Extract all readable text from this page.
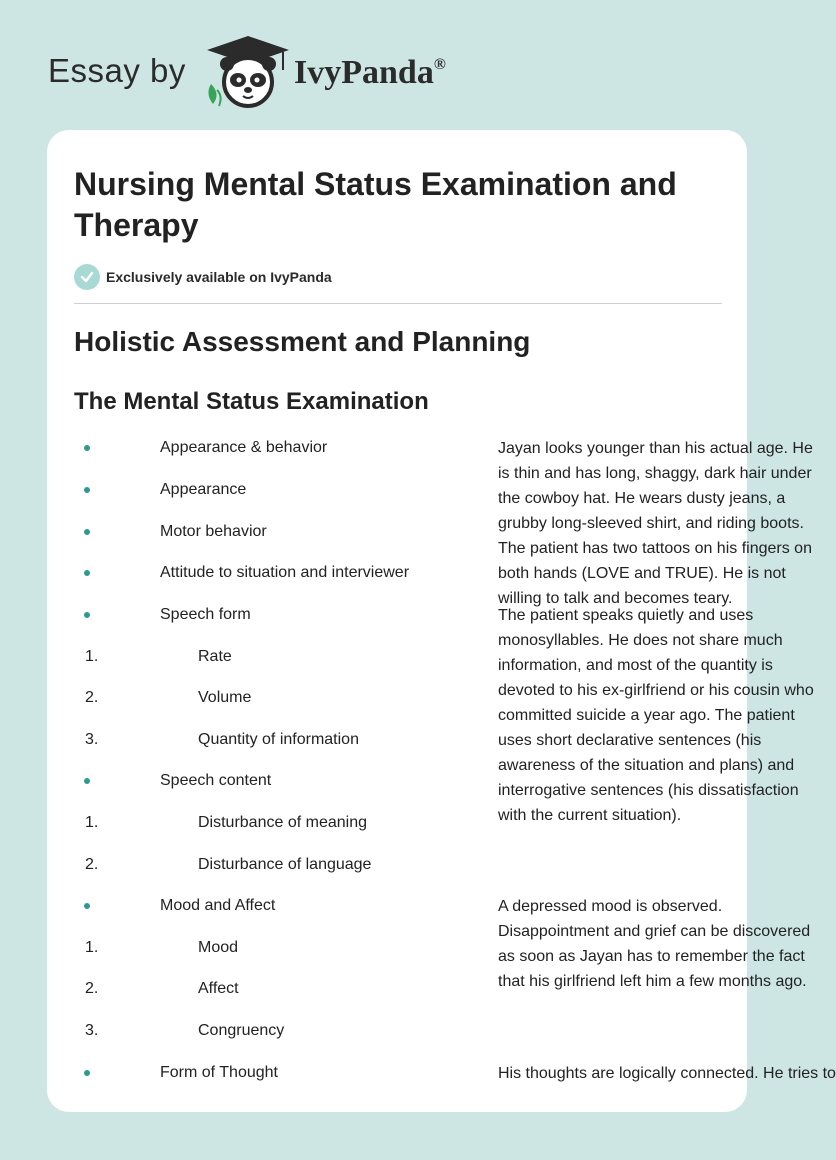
Essay by	IvyPanda®
Nursing Mental Status Examination and Therapy
Exclusively available on IvyPanda
Holistic Assessment and Planning
The Mental Status Examination
Appearance & behavior
Appearance
Motor behavior
Attitude to situation and interviewer
Speech form
1.	Rate
2.	Volume
3.	Quantity of information
Speech content
1.	Disturbance of meaning
2.	Disturbance of language
Mood and Affect
1.	Mood
2.	Affect
3.	Congruency
Form of Thought

Jayan looks younger than his actual age. He is thin and has long, shaggy, dark hair under the cowboy hat. He wears dusty jeans, a grubby long-sleeved shirt, and riding boots. The patient has two tattoos on his fingers on both hands (LOVE and TRUE). He is not willing to talk and becomes teary.

The patient speaks quietly and uses monosyllables. He does not share much information, and most of the quantity is devoted to his ex-girlfriend or his cousin who committed suicide a year ago. The patient uses short declarative sentences (his awareness of the situation and plans) and interrogative sentences (his dissatisfaction with the current situation).

A depressed mood is observed. Disappointment and grief can be discovered as soon as Jayan has to remember the fact that his girlfriend left him a few months ago.

His thoughts are logically connected. He tries to
